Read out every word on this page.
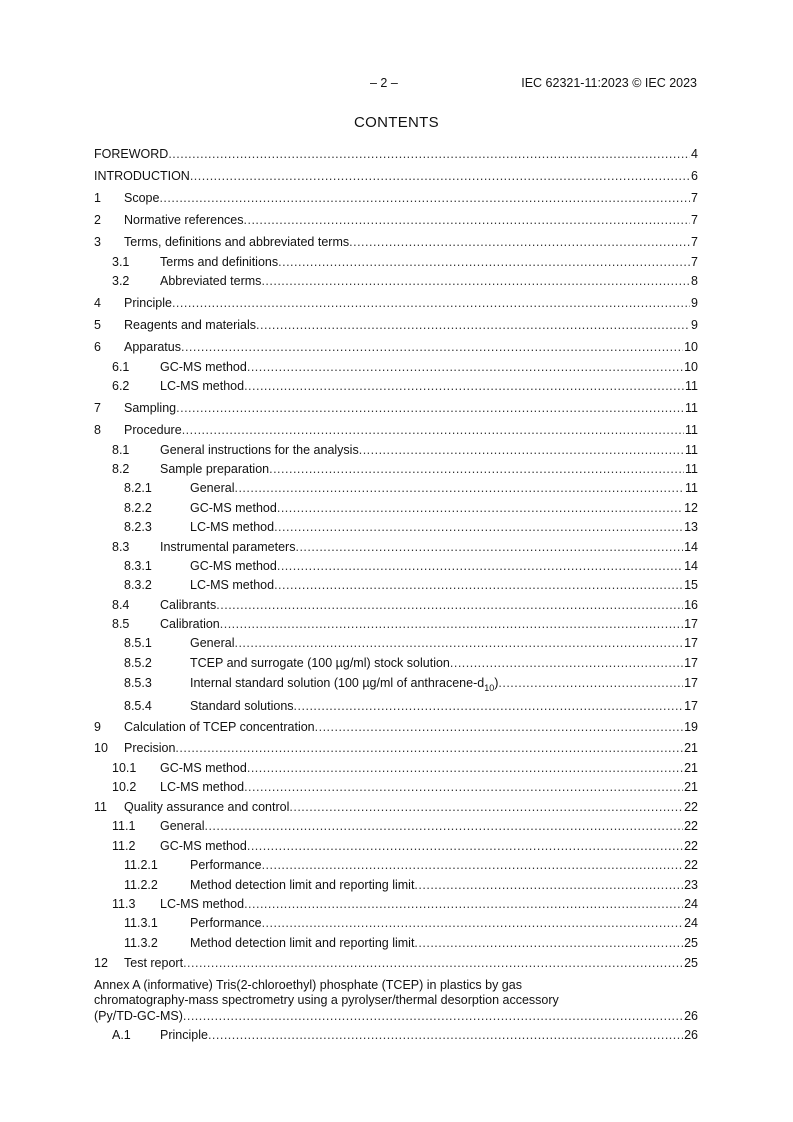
– 2 –	IEC 62321-11:2023 © IEC 2023
CONTENTS
FOREWORD .....	4
INTRODUCTION .....	6
1	Scope .....	7
2	Normative references .....	7
3	Terms, definitions and abbreviated terms .....	7
3.1	Terms and definitions .....	7
3.2	Abbreviated terms .....	8
4	Principle .....	9
5	Reagents and materials .....	9
6	Apparatus .....	10
6.1	GC-MS method .....	10
6.2	LC-MS method .....	11
7	Sampling .....	11
8	Procedure .....	11
8.1	General instructions for the analysis .....	11
8.2	Sample preparation .....	11
8.2.1	General .....	11
8.2.2	GC-MS method .....	12
8.2.3	LC-MS method .....	13
8.3	Instrumental parameters .....	14
8.3.1	GC-MS method .....	14
8.3.2	LC-MS method .....	15
8.4	Calibrants .....	16
8.5	Calibration .....	17
8.5.1	General .....	17
8.5.2	TCEP and surrogate (100 µg/ml) stock solution .....	17
8.5.3	Internal standard solution (100 µg/ml of anthracene-$d_{10}$) .....	17
8.5.4	Standard solutions .....	17
9	Calculation of TCEP concentration .....	19
10	Precision .....	21
10.1	GC-MS method .....	21
10.2	LC-MS method .....	21
11	Quality assurance and control .....	22
11.1	General .....	22
11.2	GC-MS method .....	22
11.2.1	Performance .....	22
11.2.2	Method detection limit and reporting limit .....	23
11.3	LC-MS method .....	24
11.3.1	Performance .....	24
11.3.2	Method detection limit and reporting limit .....	25
12	Test report .....	25
Annex A (informative) Tris(2-chloroethyl) phosphate (TCEP) in plastics by gas
chromatography-mass spectrometry using a pyrolyser/thermal desorption accessory
(Py/TD-GC-MS) .....	26
A.1	Principle .....	26
